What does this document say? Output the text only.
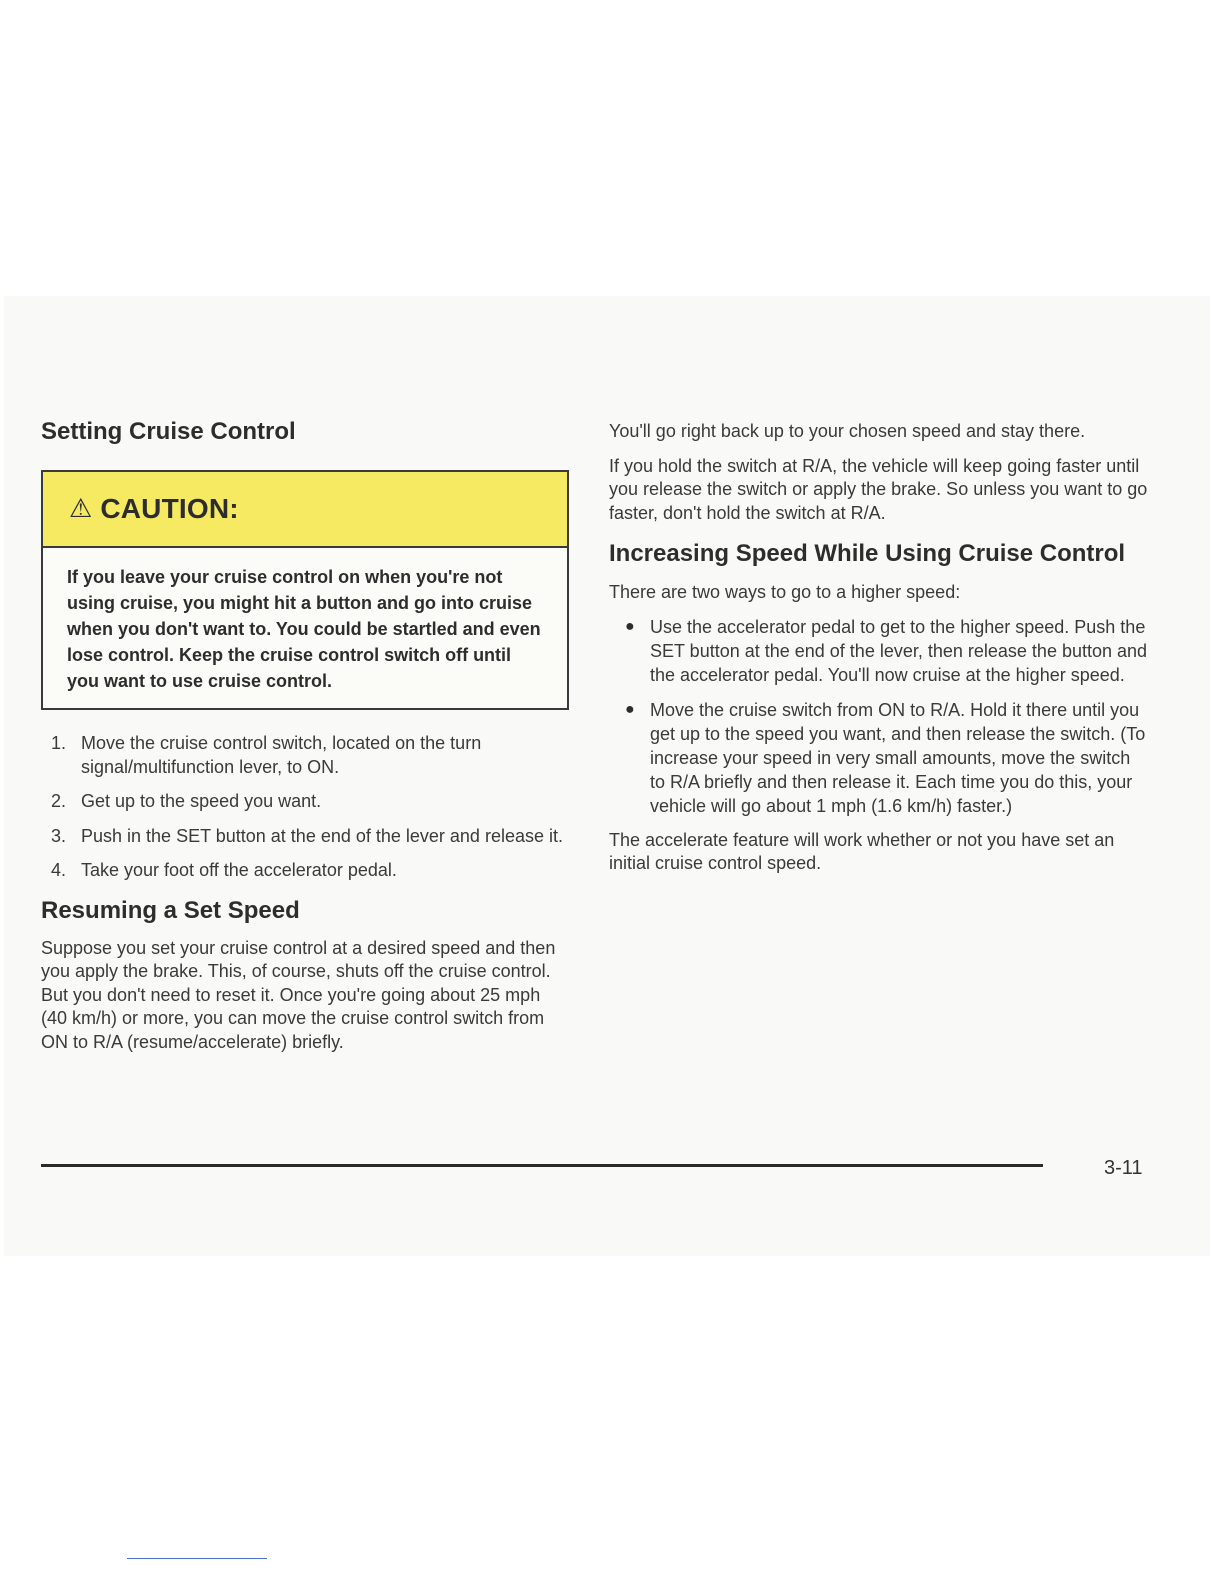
Setting Cruise Control
⚠ CAUTION:
If you leave your cruise control on when you're not using cruise, you might hit a button and go into cruise when you don't want to. You could be startled and even lose control. Keep the cruise control switch off until you want to use cruise control.
1. Move the cruise control switch, located on the turn signal/multifunction lever, to ON.
2. Get up to the speed you want.
3. Push in the SET button at the end of the lever and release it.
4. Take your foot off the accelerator pedal.
Resuming a Set Speed

Suppose you set your cruise control at a desired speed and then you apply the brake. This, of course, shuts off the cruise control. But you don't need to reset it. Once you're going about 25 mph (40 km/h) or more, you can move the cruise control switch from ON to R/A (resume/accelerate) briefly.

You'll go right back up to your chosen speed and stay there.

If you hold the switch at R/A, the vehicle will keep going faster until you release the switch or apply the brake. So unless you want to go faster, don't hold the switch at R/A.

Increasing Speed While Using Cruise Control

There are two ways to go to a higher speed:

● Use the accelerator pedal to get to the higher speed. Push the SET button at the end of the lever, then release the button and the accelerator pedal. You'll now cruise at the higher speed.
● Move the cruise switch from ON to R/A. Hold it there until you get up to the speed you want, and then release the switch. (To increase your speed in very small amounts, move the switch to R/A briefly and then release it. Each time you do this, your vehicle will go about 1 mph (1.6 km/h) faster.)

The accelerate feature will work whether or not you have set an initial cruise control speed.

3-11
